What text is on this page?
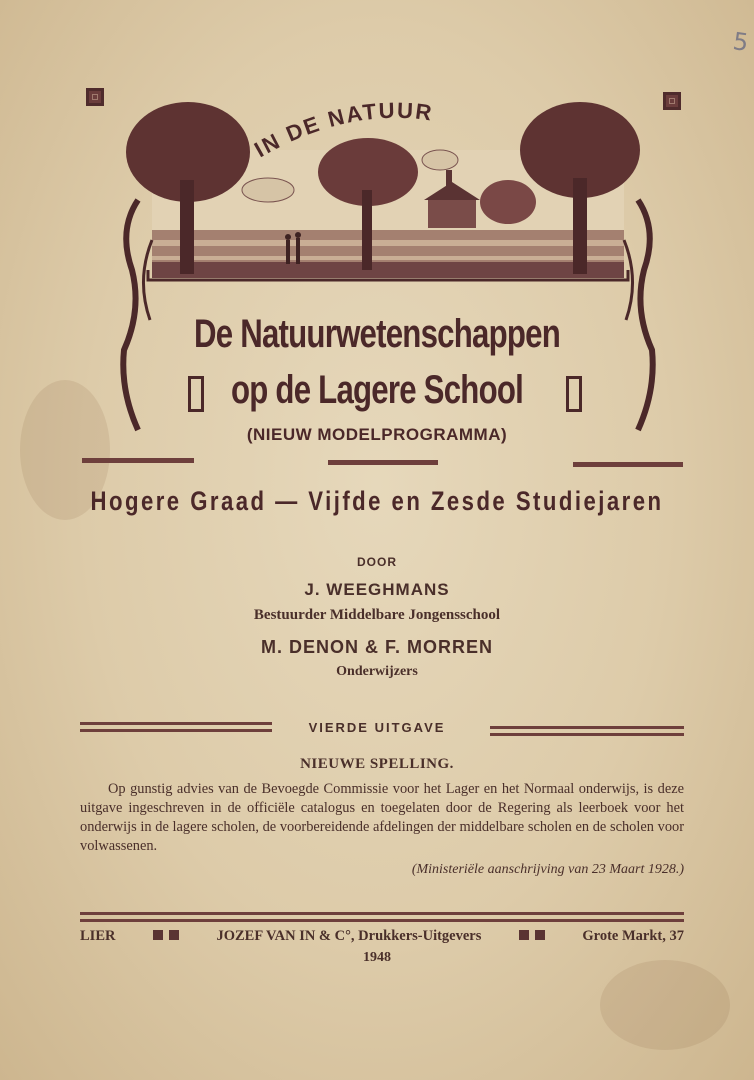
5
IN DE NATUUR
De Natuurwetenschappen
op de Lagere School
(NIEUW MODELPROGRAMMA)
Hogere Graad — Vijfde en Zesde Studiejaren
DOOR
J. WEEGHMANS
Bestuurder Middelbare Jongensschool
M. DENON & F. MORREN
Onderwijzers
VIERDE UITGAVE
NIEUWE SPELLING.

Op gunstig advies van de Bevoegde Commissie voor het Lager en het Normaal onderwijs, is deze uitgave ingeschreven in de officiële catalogus en toegelaten door de Regering als leerboek voor het onderwijs in de lagere scholen, de voorbereidende afdelingen der middelbare scholen en de scholen voor volwassenen.

(Ministeriële aanschrijving van 23 Maart 1928.)
LIER	JOZEF VAN IN & C°, Drukkers-Uitgevers	Grote Markt, 37
1948
